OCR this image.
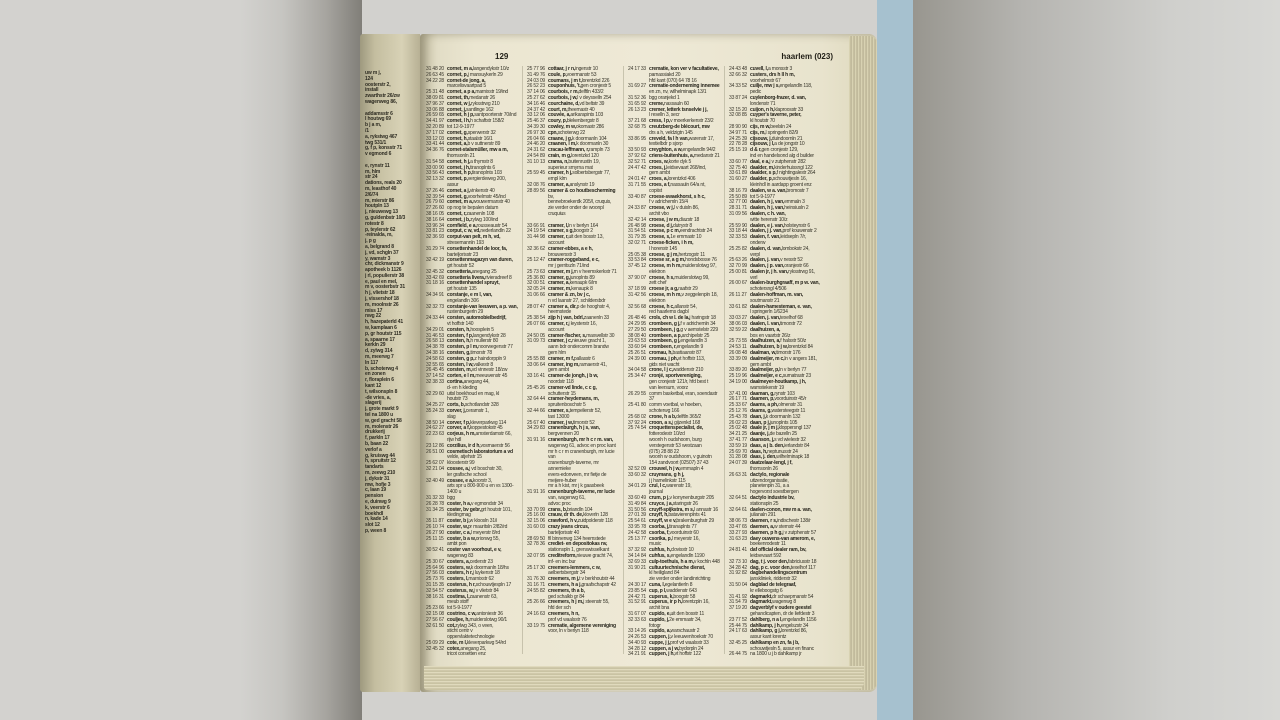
uw m j,
124
oosterstr 2,
install
zwarthstr 26/zw
wagenweg 86,

addamsstr 6
l houtwg 69
b j a m,
/1
a, rykstwg 467
twg 531/1
g, f p, konsstr 71
v egmond 6

e, rynstr 11
m, hlm
str 24
dations, reals 20
m, leasthof 40
2/6/74
m, mierstr 86
houtpln 13
j, nieuwewg 13
g, guldenbstr 10/3
rotestr 8
p, teylerstr 62
-reinalda, m,
j, p g
a, belgrand 8
j, vd, schgln 37
y, wamstr 3
chr, dickmanstr 9
apotheek b 1126
j rl, populierstr 38
e, paul en mel,
m v, oosterbstr 31
h j, vlietstr 18
j, vissershof 18
m, moolnstr 26
miss 17
nwg 22
h, hazepaterld 41
w, kamplaan 6
p, gr houtstr 115
a, spaarne 17
kerkln 29
d, zylwg 314
m, meerwg 7
ln 117
b, schoterwg 4
en zonen
r, floraplein 6
kant 12
t, wilsonspln 8
-de vries, a,
slagerij
j, grote markt 9
tel na 1800 u
w, ged gracht 58
m, molenstr 26
drukkerij
f, parkln 17
b, baan 22
verlof a
g, kruiswg 44
h, spruitstr 12
tandarts
m, zeewg 210
j, dykstr 31
mw, hofje 3
c, laan 19
pension
e, duinwg 9
k, veerstr 6
boekhdl
n, kade 14
slot 12
p, ween 8
129	haarlem (023)
31 48 20 cornet, m a,langendykstr 10/z
26 63 45 cornet, p,j mansuykerln 29
34 22 28 cornet-de jong, a,
marcelisvaartpad 5
25 31 48 cornet, a p a,marnixstr 19/ind
38 09 81 cornet, th,medanstr 26
37 96 37 cornet, w j,ryksstrwg 210
33 06 88 cornet, j,santlinge 162
26 59 65 cornet, h j p,santpoorterstr 70/ind
34 41 97 cornet, l h,h schaftstr 158/2
32 20 89 tot 12-9-1977
37 17 02 cornet, g,sperwerstr 32
33 12 03 cornet, h,staalstr 16/1
33 41 44 cornet, a,b v suttnerstr 89
34 36 76 cornet-stalsmüller, mw a m,
thomsonln 21
31 54 58 cornet, h j,a thymstr 8
33 00 90 cornet, j h,tiranoplnts 6
33 56 43 cornet, h p,tiranoplnts 103
32 13 32 cornet, p,vergierdeweg 200,
assur
37 26 46 cornet, a j,vinkenstr 40
32 39 54 cornet, g,voorhelmstr 45/ind
26 79 60 cornet, m a,wouwermanstr 40
27 26 60 op nog te bepalen datum
38 16 05 cornet, r,zaanenln 108
38 16 64 cornet, j b,zylwg 100/ind
33 96 34 cornfield, e a,rousseaustr 54
33 81 23 corput, c w, vd,nederlandln 22
32 36 93 corput-van pelt, m h, vd,
stresemannln 193
31 29 74 corsettenhandel de loor, fa,
barteljorisstr 23
32 42 19 corsettenmagazyn van duren,
grt houtstr 52
32 45 32 corsetteria,anegang 25
33 42 69 corsetteria livera,rivieradreef 8
31 18 16 corsettenhandel spruyt,
grt houtstr 135
34 34 91 corstanje, e m l, van,
engelandln 306
32 32 73 corstanje-van leeuwen, a p. van,
rustenburgerln 29
24 33 44 corsten, automobielbedrijf,
vt hoffstr 140
34 29 01 corsten, h,hoosplein 5
31 46 53 corsten, f p,langendykstr 28
26 58 13 corsten, h,h mullerstr 80
34 38 78 corsten, p l m,noorwegenstr 77
34 38 16 corsten, g,timorstr 78
24 58 63 corsten, g p,z haindorppln 9
32 55 65 corsten, l w,valkestr 8
26 45 45 corsten, m,vd vinnestr 18/zw
37 14 52 corten, e l m,meeuwenstr 45
32 38 33 cortina,anegang 44,
d- en h kleding
32 29 60 uitsl boekhoud en mag, kl
houtstr 73
34 25 27 corts, b,schotlandstr 328
35 24 33 corver, j,ceramstr 1,
slag
38 50 14 corver, f p,kleverparkwg 114
24 62 27 corver, a f,koppestokstr 45
22 23 63 corjeus, h m,amsterdamstr 66,
rijw hdl
23 12 86 corzilius, ir d h,vosmaerstr 56
26 51 00 cosmetisch laboratorium a vd
velde, atjehstr 15
25 62 07 kloosterstr 99
32 21 04 cossee, a,j vd boschstr 30,
ler grafische school
32 40 49 cossee, e a,koorstr 3,
arts spr u 800-900 u en vs 1300-
1400 u
31 32 33 bgg
26 28 78 coster, h a,v egmondstr 34
31 34 25 coster, bv gebr,grt houtstr 101,
kledingmag
35 11 87 coster, b j,w kloosln 31/i
26 10 74 coster, w,pr mauritsln 2/82/rd
26 27 90 coster, c a,l meyerstr 8/rd
25 11 15 coster, b a w,orionwg 55,
ambt pon
30 52 41 coster van voorhout, e v,
wagenwg 83
25 30 67 costers, a,cederstr 23
25 64 96 costers, w,k doormanln 18/hs
27 56 03 costers, h r,j luykenstr 18
25 73 76 costers, l,marnixstr 62
31 15 35 costerus, h r,schouwtjespln 17
32 54 57 costerus, w,j v vlietstr 84
38 16 31 costima, l,zaanenstr 63,
meub stoff
25 23 66 tot 5-9-1977
32 15 08 costrino, c w,antoniestr 36
27 56 67 couljee, h,muiderslotwg 90/1
32 61 50 cot,zylwg 343, o veen,
sticht centr v
oppervlaktetechnologie
25 09 29 cote, m l,kleverparkwg 54/rd
32 45 32 cotex,anegang 25,
tricot corsetten enz
25 77 96 cottaar, j r n,ingenstr 10
31 49 76 coule, p,voermanstr 53
24 03 09 coumans, j m t,lorentzkd 226
26 52 23 couponhuis, 't,gen cronjestr 5
37 14 06 courbois, r m,delftln 433/2
25 27 62 courbois, j w,l v deysselln 254
34 16 46 courchaine, d,vd beltstr 39
24 37 42 court, m,theemastr 40
33 12 06 couvée, a,arikarapints 103
25 46 37 coury, p,blekenbergstr 8
34 39 30 cowley, m w,okomastr 286
26 97 30 cpn,schoterwg 22
26 04 66 craane, j g,k doormanln 104
24 46 20 craanen, l m,k doormanln 30
24 31 62 cracau-leffmann, r,rampln 73
24 54 89 crain, m g,lorentzkd 120
31 10 13 crama, n,buitenrustln 19,
superieur smyrna mat
25 59 45 cramer, h j,solbertsbergstr 77,
empl klm
32 08 76 cramer, a,anslynstr 19
28 89 56 cramer & co houtbescherming
bv,
bennebroekerdk 205/l, cruquis,
zie verder onder de woonpl
cruquius

33 66 91 cramer, l,ln v berlyn 164
24 19 54 cramer, s g,boogstr 2
31 44 98 cramer, r,uit den bosstr 13,
account
32 36 62 cramer-ebbes, a e h,
brouwersstr 3
25 12 47 cramer-roggeband, e c,
mr j gerritszln 71/ind
25 73 63 cramer, m j,m v heemskerkstr 71
25 36 80 cramer, g,junoplnts 89
32 00 51 cramer, a,kenaupk 6/im
32 05 24 cramer, m,kenaupk 8
31 06 66 cramer & zn, bv j c,
n vd laanstr 27, schildersbdr
28 07 47 cramer a, dir,p de hooghstr 4,
heemstede
25 38 54 zijp h j van, bdrl,zaanenln 33
26 07 66 cramer, r,j leysterstr 16,
account
24 50 05 cramer-fischer, s,maxwellstr 30
31 09 73 cramer, j c,nieuwe gracht 1,
aann bdr ondercomm brandw
gem hlm
25 55 88 cramer, m f,pallasstr 6
33 06 64 cramer, ing m,ramaerstr 41,
gem ambt
33 16 41 cramer-de jongh, j b w,
noordstr 118
25 45 26 cramer-vd linde, c c g,
schutterstr 15
32 64 44 cramer-heydemans, m,
spruitenboschstr 5
32 44 66 cramer, s,tempelierstr 52,
taxi 13000
25 67 40 cramer, j w,timorstr 52
34 29 83 cranenburgh, h j s, van,
bergvennen 20
31 91 16 cranenburgh, mr h c r m. van,
wagenwg 61, advoc en proc kant
mr h c r m cranenburgh, mr lucie
van
cranenburgh-taverne, mr
annemieke
evers-edonveen, mr fietje de
meijere-huber
mr a h kist, mr j k gaasbeek
31 91 16 cranenburgh-taverne, mr lucie
van, wagenwg 61,
advoc proc
33 70 99 crans, b,briandln 104
25 16 00 crauw, dr th. de,kloverln 128
32 15 06 crawford, h v,zuidpolderstr 118
31 60 03 crazy jeans circus,
barteljorisstr 40
28 69 50 fil binnenwg 134 heemstede
32 78 36 crediet- en depositokas nv,
stationspln 1, grenswisselkant
32 07 95 creditreform,nieuwe gracht 74,
inf- en inc bur
25 17 30 creemers-lemmers, c w,
aelbertsbergstr 34
31 76 30 creemers, m j,t v berkhoutstr 44
31 16 71 creemers, h a j,graafschapstr 42
24 55 82 creemers, th a b,
ged schalkb gr 84
25 26 66 creemers, h j m,j steenstr 55,
hfd der sch
24 16 63 creemers, h n,
prof vd waalsstr 76
33 19 75 crematie, algemene vereniging
voor, ln v berlyn 118
24 17 33 crematie, kon ver v facultatieve,
parnassiakd 20
hfd kant (070) 64 78 16
31 69 27 crematie-onderneming innemee
en zn, nv, wilhelminapk 13/1
31 52 36 bgg oranjekd 1
31 65 92 creme,nassauln 60
26 13 23 cremer, letterk tsnselvie j j,
l reselln 3, secr
37 21 68 cress, l p,v moerkerkenstr 23/2
32 68 75 creutzberg-de blécourt, mw
drs a h, veldzigtn 145
33 86 95 creveld, fa l h van,warenstr 17,
textielbdr p sjorp
33 50 93 creyghton, a w,engelandln 94/2
37 92 62 criens-buitenhuis, a,medanstr 21
32 52 71 croes, w,korte dyk 5
24 47 42 croes, j,leidsevaart 268/ind,
gem ambt
24 01 47 croes, a,lorentzkd 406
31 71 55 croes, a f,nassauln 64/a nt,
copiist
33 40 87 croese-swaekhorst, s h c,
f v adrichemln 15/4
24 33 87 croese, w j,l v duisln 86,
archit vbo
32 42 14 croese, j w m,diazstr 18
26 48 98 croese, d j,dutrystr 8
31 54 51 croese, p c m,eendrachtstr 24
31 79 35 croese, s,1e emmastr 10
32 02 71 croese-ficken, i h m,
l horenstr 145
25 05 38 croese, g j m,hertzogstr 11
33 53 84 croese sr, a g m,hondsbosse 76
37 45 12 croese, m h m,muiderslotwg 97,
elektron
37 90 07 croese, h s,muiderslotwg 99,
zett chef
37 18 99 croese jr, a g,raafstr 29
31 42 56 croese, m h m,v zeggelenpln 18,
elektron
32 56 68 croese, h c,allanstr 54,
red haarlems dagbl
26 48 46 crols, ch w l. de la,j haringstr 18
24 29 95 crombeen, g j,f v adrichemln 34
27 29 50 crombeen, j g,g v aemstelstr 229
38 08 40 crombeen, a p,archipelstr 25
23 63 53 crombeen, g j,engelandln 3
33 60 94 crombeen, r,engelandln 9
25 26 51 cromau, h,bastiaanstr 87
24 39 00 cromau, j ph,vt hoffstr 113,
gids niet wacht
34 04 58 crone, l j c,waddenstr 210
25 34 47 cronjé, sportvereniging,
gen cronjestr 121/r, hfd best t
van leersum, voorz
26 29 55 comm basketbal, eran, soendastr
37
25 41 80 comm voetbal, w hoeben,
schoterwg 166
25 68 02 crone, h a b,delftln 365/2
37 92 24 croon, a s,j gijzenkd 168
25 74 54 croquettenspecialist, de,
fotterodestr 10/zd
woonh h oudshoorn, burg
verstegenstr 53 westzaan
(075) 28 88 22
woonh w oudshoorn, v guinotn
154 zandvoort (02507) 37 43
32 52 09 crouwel, h j w,emmapln 4
33 60 32 cruymans, g h j,
j j hamelinkstr 115
34 01 29 crul, l c,warenstr 19,
journal
33 60 49 crum, p j,v konynenburgstr 205
31 49 84 cruyce, j a,staringstr 26
31 50 56 cruyff-spijkstra, m s,l annastr 16
27 01 39 cruyff, h,batavierenplnts 41
25 54 61 cruyff, w e v,brakenburghstr 29
33 95 78 csorba, j,tiranaplnts 77
24 42 58 csorba, f,voorduinstr 60
25 13 77 csorika, p,l meyerstr 16,
music
37 32 92 cuhfus, h,clovisstr 10
34 14 84 cuhfus, s,engelandln 1190
32 69 33 culp-toethuis, h a m,v kochln 448
31 90 21 cultuurtechnische dienst,
kl heiligland 84
zie verder onder landinrichting
24 30 17 cuna, l,egelantierln 8
23 85 54 cup, p l,waddenstr 643
24 42 71 cuperus, k,boogstr 58
31 52 91 cuperus, ir p h,lorentzpln 16,
archit bna
31 67 07 cupido, e,uit den bosstr 11
32 33 63 cupido, j,2e emmastr 34,
fotogr
33 14 26 cupido, a,warschaustr 2
24 26 53 cuppen, j,v leeuwenhoekstr 70
34 40 93 cuppe, j j,prof vd waalsstr 33
34 28 12 cuppen, a j w,bydorpln 24
34 21 91 cuppen, j h,vt hoffstr 122
24 43 48 cuvell, l,a monsstr 3
32 66 32 custers, drs h ll h m,
voorhelmstr 67
34 33 52 cuilje, mw j s,engelandln 118,
pedic
33 87 24 cuylenborg-frazer, d. van,
londenstr 71
32 15 20 cuijon, n h,klaproosstr 33
32 08 85 cuyper's taverne, peter,
kl houtstr 70
28 90 90 cijs, m w,beelsln 24
34 97 71 cijs, m,l springerln 82/9
24 25 39 cijsouw, j,duindoornln 21
22 78 28 cijsouw, j l,a de jongstr 10
25 15 19 d & r,gen cronjestr 129,
ind en handelsond alg d builder
33 60 77 daal, e a,j v zutphenstr 282
32 75 40 daalder, m,kinderhuissngl 122
33 61 89 daalder, s p,f nightingalestr 264
31 60 27 daalder, p,schouwtjesln 16,
kleinhdl in aardapp groent enz
38 16 79 daalen, w a. van,bromostr 7
25 50 89 tot 5-9-1977
32 77 00 daalen, h j, van,emmaln 3
28 31 71 daalen, h j, van,heinsiusln 2
31 09 56 daalen, c h. van,
witte herenstr 10/z
25 59 90 daalen, e j. van,holsteynstr 6
33 18 44 daalen, j j. van,prof kouwenstr 2
32 33 53 daalen, f. van,leidsepln 7/r,
onderw
25 25 82 daalen, d. van,lombokstr 24,
verpl
25 63 26 daalen, j. van,v nesstr 52
32 70 99 daalen, j p. van,oranjestr 66
25 00 81 daalen jr, j h. van,ryksstrwg 91,
verl
26 00 67 daalen-burghgraaff, m p w. van,
schotersngl 4/506
26 11 27 daalen-hoffman, m. van,
soutmanstr 21
33 61 82 daalen-hamesteman, e. van,
l springerln 1/6234
33 03 27 daalen, j. van,texelhof 68
38 06 03 daalen, l. van,timorstr 72
32 59 22 daalhuizen, a,
bos en vaartstr 26/z
25 73 55 daalhuizen, a,f halsstr 50/z
24 53 11 daalhuizen, b j w,lorentzkd 84
26 08 48 daalman, w,timorstr 176
33 39 09 daalmeijer, m c,ln v angers 181,
gem ambt
33 89 20 daalmeijer, p,ln v berlyn 77
25 19 96 daalmeijer, e c,sumatrastr 23
34 19 00 daalmeyer-houtkamp, j h,
wamstekerstr 19
37 41 00 daaman, g,rynstr 103
26 17 71 daamen, p,voorduinstr 45/r
25 33 67 daams, a ph,olmenstr 31
25 12 76 daams, g,watersteegstr 11
25 43 78 daan, j,k doormanln 132
26 02 23 daan, p j,junoplnts 105
25 02 48 daale jr, j m j,kloppersngl 137
34 21 25 daanje, j,de bazelln 25
37 41 77 daanson, j,s vd wielestr 32
33 59 19 daas, a j b. den,ierlandstr 84
25 69 70 daas, h,neptunusstr 24
31 28 08 daas, j. den,wilhelminapk 18
24 07 39 daatzelaar-lengl, j f,
thomsonln 26
26 63 31 dactylo, regionale
uitzendorganisatie,
planetenpln 31, a a
hogervorst soestbergen
32 64 51 dactylo industrie bv,
stationspln 25
32 64 61 daelen-conon, mw m a. van,
julianaln 291
38 06 73 daemen, r s,indischestr 138/r
33 47 65 daemen, a,w sternstr 44
33 27 93 daemen, p h g,j v zutphenstr 57
31 63 23 daey ouwens-van amerom, e,
boekenrodestr 11
24 81 41 daf official dealer ram, bv,
leidsevaart 592
32 73 10 dag, t j. voor den,fabriciusstr 18
34 28 42 dag, p c. voor den,texelhof 117
31 92 82 dagbehandelingscentrum
janskliniek, ridderstr 32
31 50 04 dagblad de telegraaf,
kr elleboogstg 6
31 41 92 dagmarkt,dr schaepmanstr 54
31 54 79 dagmarkt,wagenwg 8
37 19 20 dagverblyf v oudere geestel
gehandicapten, dr de liefdestr 3
23 77 52 dahlberg, n a l,engelandln 1156
25 44 75 dahlkamp, j h,engelszstr 34
24 17 63 dahlkamp, g j,lorentzkd 86,
assur kant lorentz
32 45 25 dahlkamp en zn, fa j b,
schouwtjesln 5, assur en financ
26 44 75 na 1800 u j b dahlkamp jr
